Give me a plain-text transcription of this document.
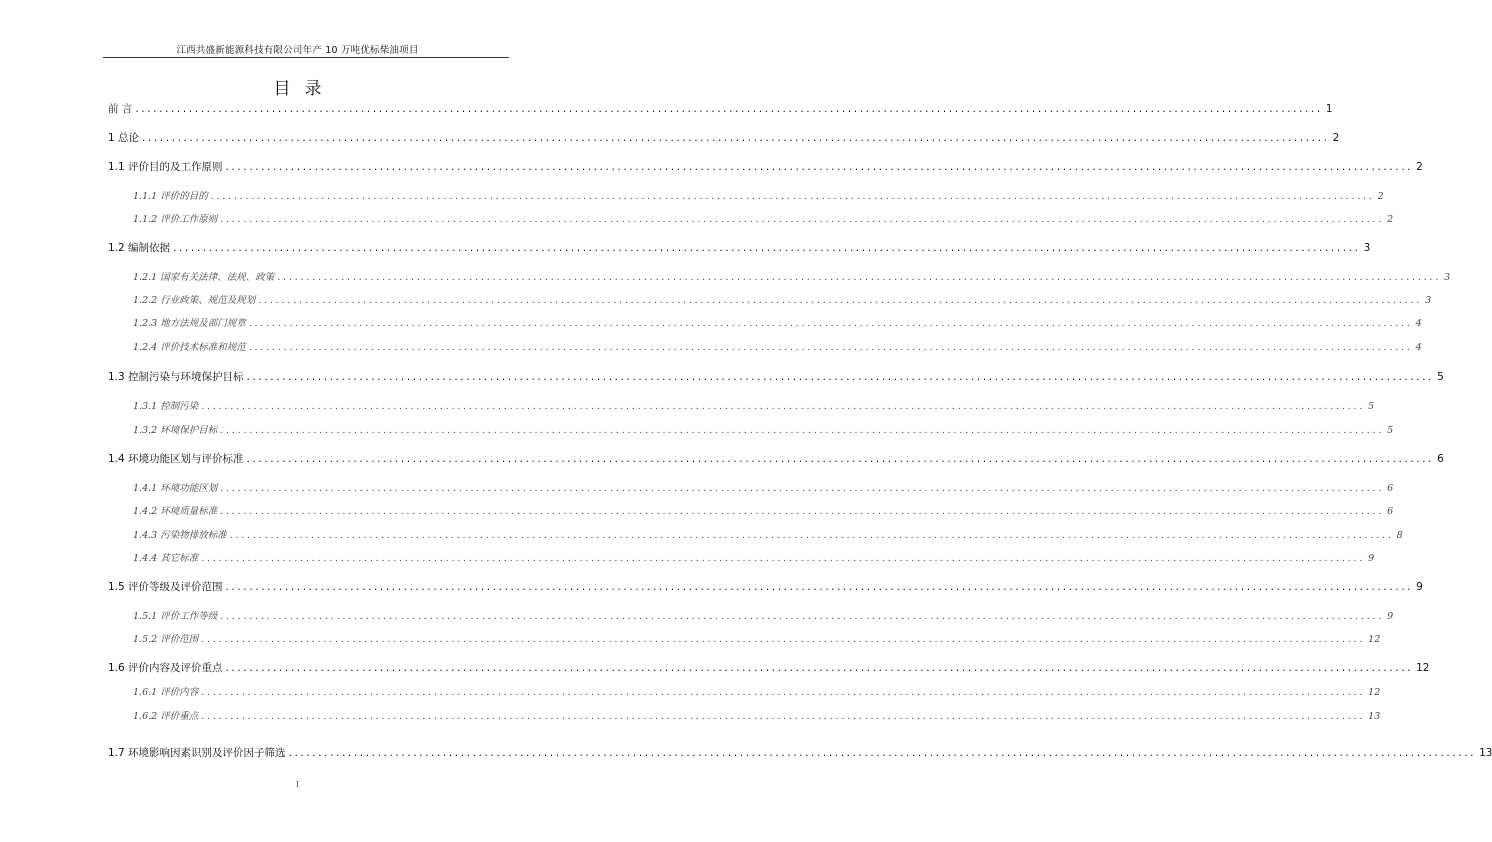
江西共盛新能源科技有限公司年产 10 万吨优标柴油项目
目录
前 言 ........................................................................................................................................................................................................ 1
1 总论 ........................................................................................................................................................................................................ 2
1.1 评价目的及工作原则 ........................................................................................................................................................................................................ 2
1.1.1 评价的目的 ........................................................................................................................................................................................................ 2
1.1.2 评价工作原则 ........................................................................................................................................................................................................ 2
1.2 编制依据 ........................................................................................................................................................................................................ 3
1.2.1 国家有关法律、法规、政策 ........................................................................................................................................................................................................ 3
1.2.2 行业政策、规范及规划 ........................................................................................................................................................................................................ 3
1.2.3 地方法规及部门规章 ........................................................................................................................................................................................................ 4
1.2.4 评价技术标准和规范 ........................................................................................................................................................................................................ 4
1.3 控制污染与环境保护目标 ........................................................................................................................................................................................................ 5
1.3.1 控制污染 ........................................................................................................................................................................................................ 5
1.3.2 环境保护目标 ........................................................................................................................................................................................................ 5
1.4 环境功能区划与评价标准 ........................................................................................................................................................................................................ 6
1.4.1 环境功能区划 ........................................................................................................................................................................................................ 6
1.4.2 环境质量标准 ........................................................................................................................................................................................................ 6
1.4.3 污染物排放标准 ........................................................................................................................................................................................................ 8
1.4.4 其它标准 ........................................................................................................................................................................................................ 9
1.5 评价等级及评价范围 ........................................................................................................................................................................................................ 9
1.5.1 评价工作等级 ........................................................................................................................................................................................................ 9
1.5.2 评价范围 ........................................................................................................................................................................................................ 12
1.6 评价内容及评价重点 ........................................................................................................................................................................................................ 12
1.6.1 评价内容 ........................................................................................................................................................................................................ 12
1.6.2 评价重点 ........................................................................................................................................................................................................ 13
1.7 环境影响因素识别及评价因子筛选 ........................................................................................................................................................................................................ 13
I
